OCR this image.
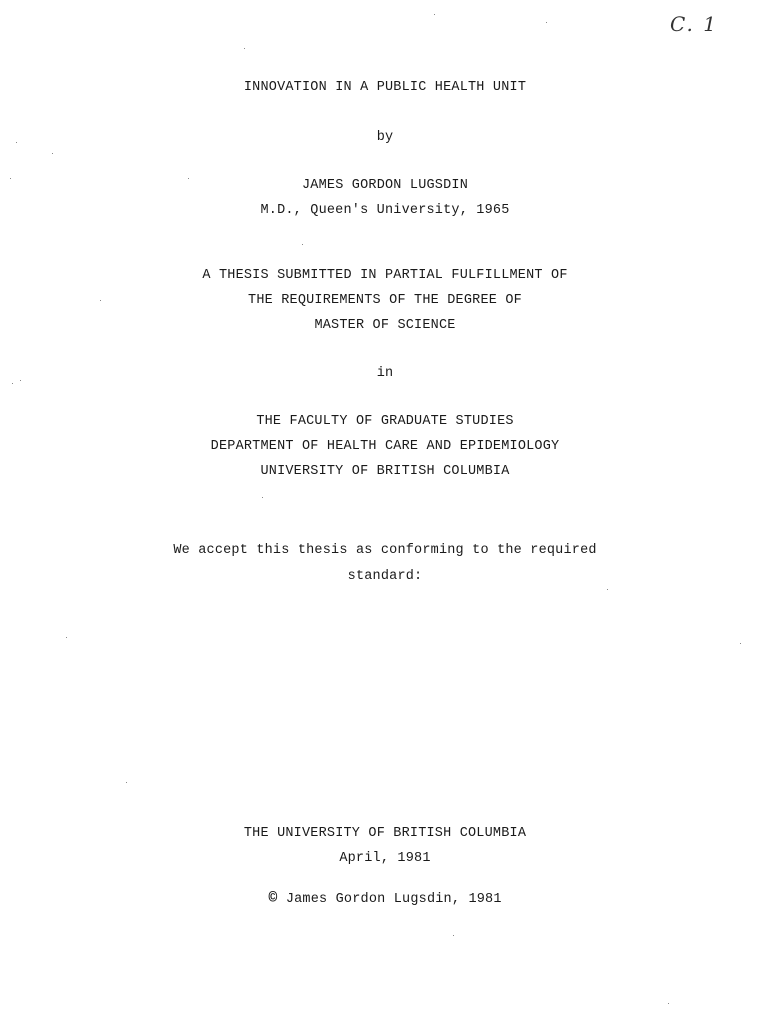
C. 1
INNOVATION IN A PUBLIC HEALTH UNIT
by
JAMES GORDON LUGSDIN
M.D., Queen's University, 1965
A THESIS SUBMITTED IN PARTIAL FULFILLMENT OF
THE REQUIREMENTS OF THE DEGREE OF
MASTER OF SCIENCE
in
THE FACULTY OF GRADUATE STUDIES
DEPARTMENT OF HEALTH CARE AND EPIDEMIOLOGY
UNIVERSITY OF BRITISH COLUMBIA
We accept this thesis as conforming to the required
standard:
THE UNIVERSITY OF BRITISH COLUMBIA
April, 1981
© James Gordon Lugsdin, 1981
